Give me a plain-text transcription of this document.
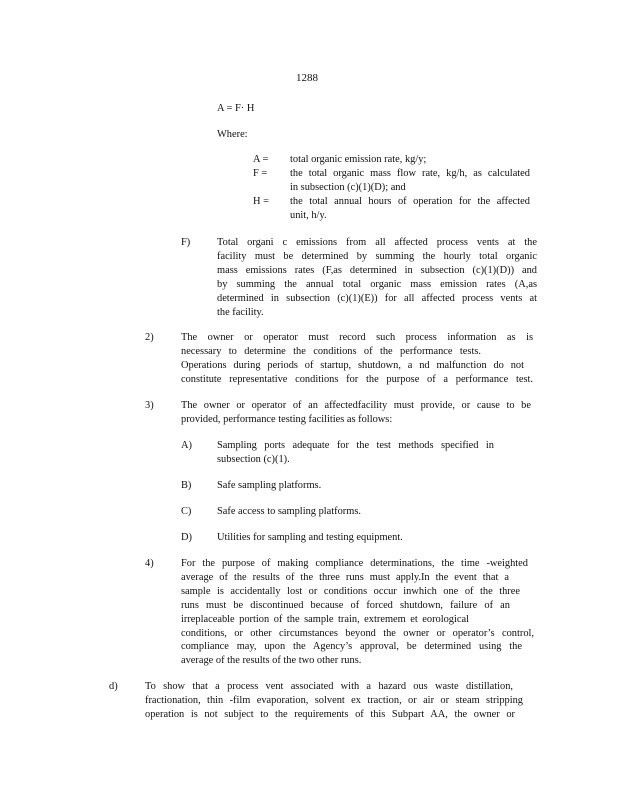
1288
A = F· H
Where:
A =	total organic emission rate, kg/y;
F =	the total organic mass flow rate, kg/h, as calculated
in subsection (c)(1)(D); and
H =	the total annual hours of operation for the affected
unit, h/y.
F)	Total organi c emissions from all affected process vents at the
facility must be determined by summing the hourly total organic
mass emissions rates (F,as determined in subsection (c)(1)(D)) and
by summing the annual total organic mass emission rates (A,as
determined in subsection (c)(1)(E)) for all affected process vents at
the facility.
2)	The owner or operator must record such process information as is
necessary to determine the conditions of the performance tests.
Operations during periods of startup, shutdown, a nd malfunction do not
constitute representative conditions for the purpose of a performance test.
3)	The owner or operator of an affectedfacility must provide, or cause to be
provided, performance testing facilities as follows:
A) Sampling ports adequate for the test methods specified in
subsection (c)(1).
B) Safe sampling platforms.
C) Safe access to sampling platforms.
D) Utilities for sampling and testing equipment.
4)	For the purpose of making compliance determinations, the time -weighted
average of the results of the three runs must apply.In the event that a
sample is accidentally lost or conditions occur inwhich one of the three
runs must be discontinued because of forced shutdown, failure of an
irreplaceable portion of the sample train, extremem et eorological
conditions, or other circumstances beyond the owner or operator’s control,
compliance may, upon the Agency’s approval, be determined using the
average of the results of the two other runs.
d)	To show that a process vent associated with a hazard ous waste distillation,
fractionation, thin -film evaporation, solvent ex traction, or air or steam stripping
operation is not subject to the requirements of this Subpart AA, the owner or
